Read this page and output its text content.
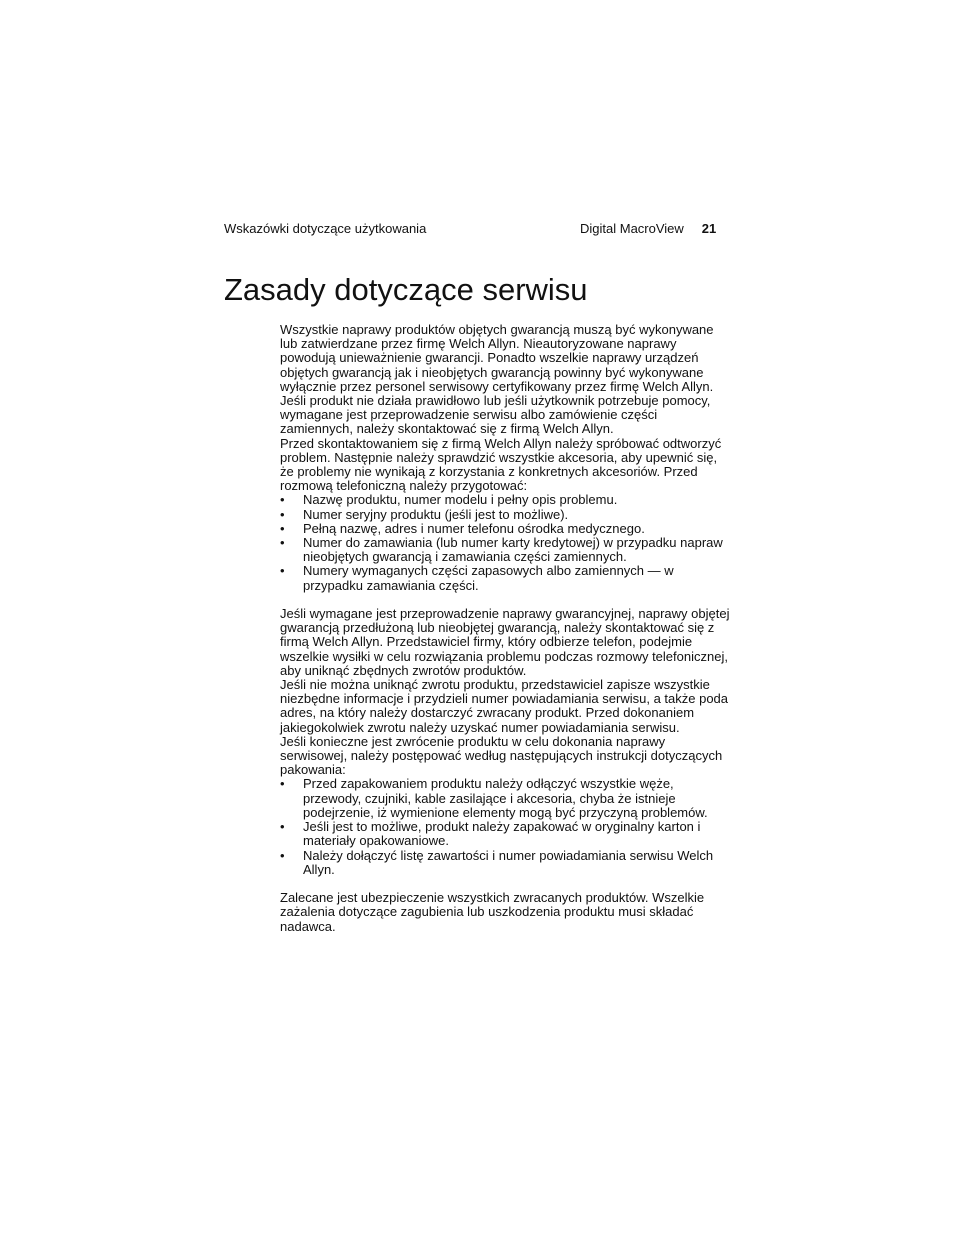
Wskazówki dotyczące użytkowania	Digital MacroView 21
Zasady dotyczące serwisu

Wszystkie naprawy produktów objętych gwarancją muszą być wykonywane lub zatwierdzane przez firmę Welch Allyn. Nieautoryzowane naprawy powodują unieważnienie gwarancji. Ponadto wszelkie naprawy urządzeń objętych gwarancją jak i nieobjętych gwarancją powinny być wykonywane wyłącznie przez personel serwisowy certyfikowany przez firmę Welch Allyn.

Jeśli produkt nie działa prawidłowo lub jeśli użytkownik potrzebuje pomocy, wymagane jest przeprowadzenie serwisu albo zamówienie części zamiennych, należy skontaktować się z firmą Welch Allyn.

Przed skontaktowaniem się z firmą Welch Allyn należy spróbować odtworzyć problem. Następnie należy sprawdzić wszystkie akcesoria, aby upewnić się, że problemy nie wynikają z korzystania z konkretnych akcesoriów. Przed rozmową telefoniczną należy przygotować:

• Nazwę produktu, numer modelu i pełny opis problemu.
• Numer seryjny produktu (jeśli jest to możliwe).
• Pełną nazwę, adres i numer telefonu ośrodka medycznego.
• Numer do zamawiania (lub numer karty kredytowej) w przypadku napraw nieobjętych gwarancją i zamawiania części zamiennych.
• Numery wymaganych części zapasowych albo zamiennych — w przypadku zamawiania części.

Jeśli wymagane jest przeprowadzenie naprawy gwarancyjnej, naprawy objętej gwarancją przedłużoną lub nieobjętej gwarancją, należy skontaktować się z firmą Welch Allyn. Przedstawiciel firmy, który odbierze telefon, podejmie wszelkie wysiłki w celu rozwiązania problemu podczas rozmowy telefonicznej, aby uniknąć zbędnych zwrotów produktów.

Jeśli nie można uniknąć zwrotu produktu, przedstawiciel zapisze wszystkie niezbędne informacje i przydzieli numer powiadamiania serwisu, a także poda adres, na który należy dostarczyć zwracany produkt. Przed dokonaniem jakiegokolwiek zwrotu należy uzyskać numer powiadamiania serwisu.

Jeśli konieczne jest zwrócenie produktu w celu dokonania naprawy serwisowej, należy postępować według następujących instrukcji dotyczących pakowania:

• Przed zapakowaniem produktu należy odłączyć wszystkie węże, przewody, czujniki, kable zasilające i akcesoria, chyba że istnieje podejrzenie, iż wymienione elementy mogą być przyczyną problemów.
• Jeśli jest to możliwe, produkt należy zapakować w oryginalny karton i materiały opakowaniowe.
• Należy dołączyć listę zawartości i numer powiadamiania serwisu Welch Allyn.

Zalecane jest ubezpieczenie wszystkich zwracanych produktów. Wszelkie zażalenia dotyczące zagubienia lub uszkodzenia produktu musi składać nadawca.
